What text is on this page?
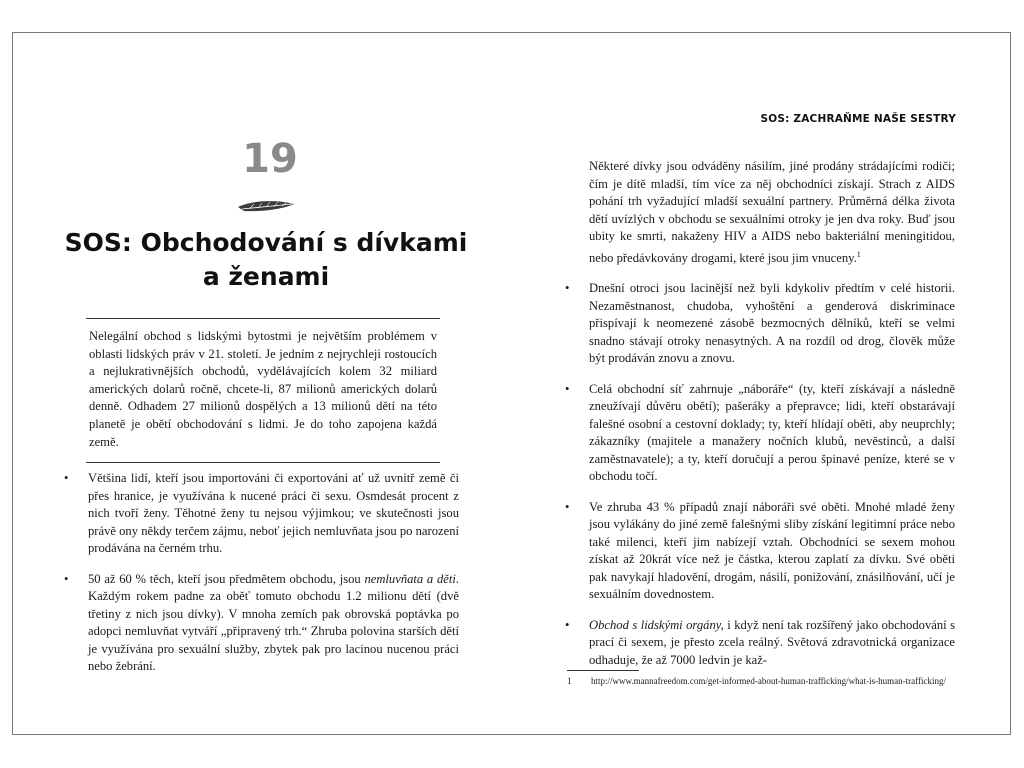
19
SOS: Obchodování s dívkami
a ženami
Nelegální obchod s lidskými bytostmi je největším problémem v oblasti lidských práv v 21. století. Je jedním z nejrychleji rostoucích a nejlukrativnějších obchodů, vydělávajících kolem 32 miliard amerických dolarů ročně, chcete-li, 87 milionů amerických dolarů denně. Odhadem 27 milionů dospělých a 13 milionů dětí na této planetě je obětí obchodování s lidmi. Je do toho zapojena každá země.
• Většina lidí, kteří jsou importováni či exportováni ať už uvnitř země či přes hranice, je využívána k nucené práci či sexu. Osmdesát procent z nich tvoří ženy. Těhotné ženy tu nejsou výjimkou; ve skutečnosti jsou právě ony někdy terčem zájmu, neboť jejich nemluvňata jsou po narození prodávána na černém trhu.
• 50 až 60 % těch, kteří jsou předmětem obchodu, jsou nemluvňata a děti. Každým rokem padne za oběť tomuto obchodu 1.2 milionu dětí (dvě třetiny z nich jsou dívky). V mnoha zemích pak obrovská poptávka po adopci nemluvňat vytváří „připravený trh.“ Zhruba polovina starších dětí je využívána pro sexuální služby, zbytek pak pro lacinou nucenou práci nebo žebrání.
SOS: ZACHRAŇME NAŠE SESTRY

Některé dívky jsou odváděny násilím, jiné prodány strádajícími rodiči; čím je dítě mladší, tím více za něj obchodníci získají. Strach z AIDS pohání trh vyžadující mladší sexuální partnery. Průměrná délka života dětí uvízlých v obchodu se sexuálními otroky je jen dva roky. Buď jsou ubity ke smrti, nakaženy HIV a AIDS nebo bakteriální meningitidou, nebo předávkovány drogami, které jsou jim vnuceny.$^1$

• Dnešní otroci jsou lacinější než byli kdykoliv předtím v celé historii. Nezaměstnanost, chudoba, vyhoštění a genderová diskriminace přispívají k neomezené zásobě bezmocných dělníků, kteří se velmi snadno stávají otroky nenasytných. A na rozdíl od drog, člověk může být prodáván znovu a znovu.
• Celá obchodní síť zahrnuje „náboráře“ (ty, kteří získávají a následně zneužívají důvěru obětí); pašeráky a přepravce; lidi, kteří obstarávají falešné osobní a cestovní doklady; ty, kteří hlídají oběti, aby neuprchly; zákazníky (majitele a manažery nočních klubů, nevěstinců, a další zaměstnavatele); a ty, kteří doručují a perou špinavé peníze, které se v obchodu točí.
• Ve zhruba 43 % případů znají náboráři své oběti. Mnohé mladé ženy jsou vylákány do jiné země falešnými sliby získání legitimní práce nebo také milenci, kteří jim nabízejí vztah. Obchodníci se sexem mohou získat až 20krát více než je částka, kterou zaplatí za dívku. Své oběti pak navykají hladovění, drogám, násilí, ponižování, znásilňování, učí je sexuálním dovednostem.
• Obchod s lidskými orgány, i když není tak rozšířený jako obchodování s prací či sexem, je přesto zcela reálný. Světová zdravotnická organizace odhaduje, že až 7000 ledvin je kaž-
1 http://www.mannafreedom.com/get-informed-about-human-trafficking/what-is-human-trafficking/
